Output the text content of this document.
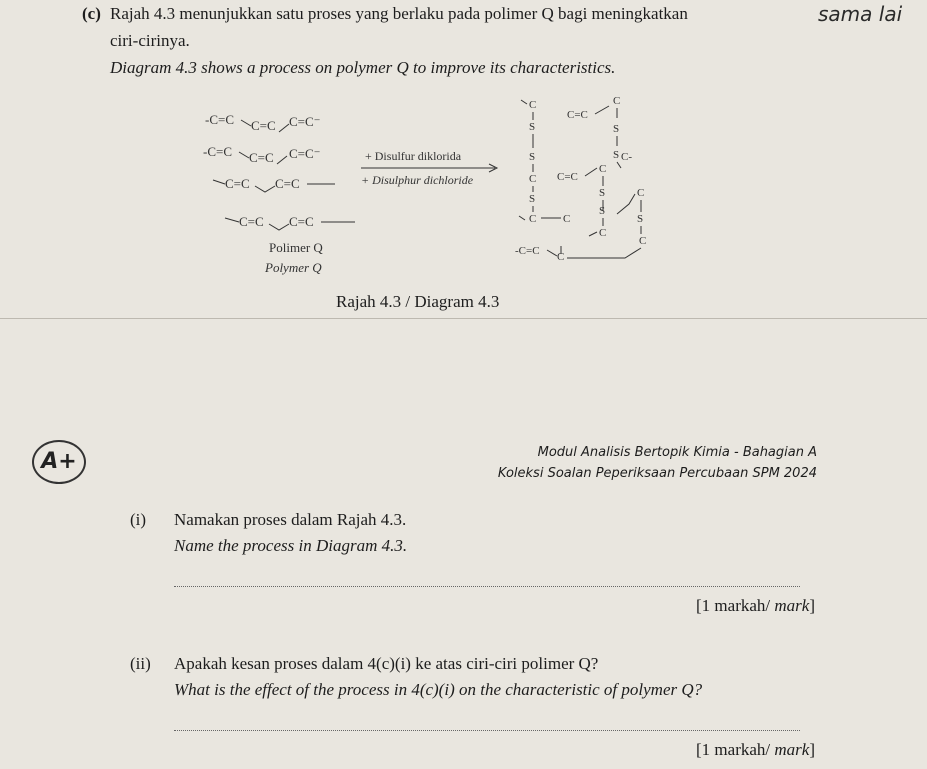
(c) Rajah 4.3 menunjukkan satu proses yang berlaku pada polimer Q bagi meningkatkan	sama lai
ciri-cirinya.
Diagram 4.3 shows a process on polymer Q to improve its characteristics.
-C=C C=C C=C⁻
-C=C C=C C=C⁻
C=C C=C
C=C C=C
Polimer Q
Polymer Q
+ Disulfur diklorida
+ Disulphur dichloride
C
S
S
C
S
C C
C=C
C
S
S C-
C=C
C
S
S
C
C
S
C
-C=C C
Rajah 4.3 / Diagram 4.3
A+	Modul Analisis Bertopik Kimia - Bahagian A
Koleksi Soalan Peperiksaan Percubaan SPM 2024
(i) Namakan proses dalam Rajah 4.3.
Name the process in Diagram 4.3.
[1 markah/ mark]
(ii) Apakah kesan proses dalam 4(c)(i) ke atas ciri-ciri polimer Q?
What is the effect of the process in 4(c)(i) on the characteristic of polymer Q?
[1 markah/ mark]
